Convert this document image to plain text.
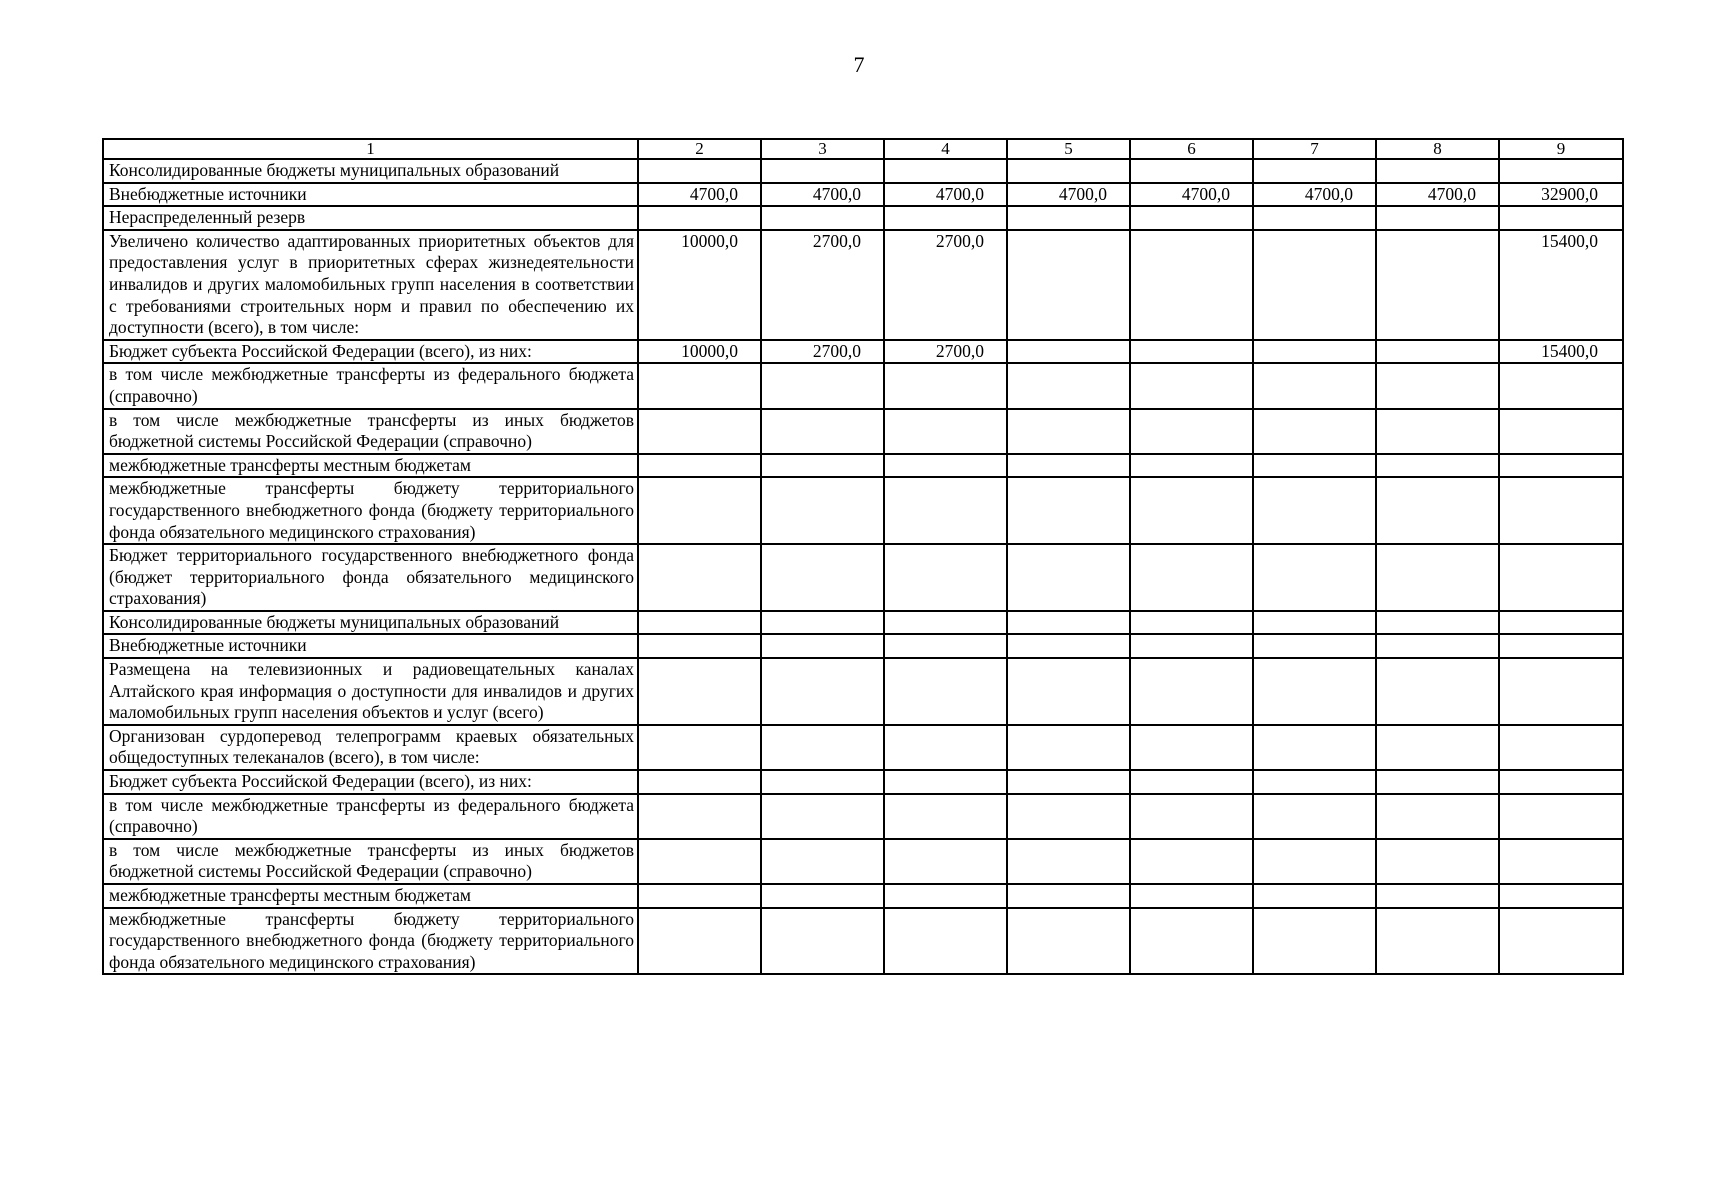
7
1	2	3	4	5	6	7	8	9
Консолидированные бюджеты муниципальных образований								
Внебюджетные источники	4700,0	4700,0	4700,0	4700,0	4700,0	4700,0	4700,0	32900,0
Нераспределенный резерв								
Увеличено количество адаптированных приоритетных объектов для предоставления услуг в приоритетных сферах жизнедеятельности инвалидов и других маломобильных групп населения в соответствии с требованиями строительных норм и правил по обеспечению их доступности (всего), в том числе:	10000,0	2700,0	2700,0					15400,0
Бюджет субъекта Российской Федерации (всего), из них:	10000,0	2700,0	2700,0					15400,0
в том числе межбюджетные трансферты из федерального бюджета (справочно)								
в том числе межбюджетные трансферты из иных бюджетов бюджетной системы Российской Федерации (справочно)								
межбюджетные трансферты местным бюджетам								
межбюджетные трансферты бюджету территориального государственного внебюджетного фонда (бюджету территориального фонда обязательного медицинского страхования)								
Бюджет территориального государственного внебюджетного фонда (бюджет территориального фонда обязательного медицинского страхования)								
Консолидированные бюджеты муниципальных образований								
Внебюджетные источники								
Размещена на телевизионных и радиовещательных каналах Алтайского края информация о доступности для инвалидов и других маломобильных групп населения объектов и услуг (всего)								
Организован сурдоперевод телепрограмм краевых обязательных общедоступных телеканалов (всего), в том числе:								
Бюджет субъекта Российской Федерации (всего), из них:								
в том числе межбюджетные трансферты из федерального бюджета (справочно)								
в том числе межбюджетные трансферты из иных бюджетов бюджетной системы Российской Федерации (справочно)								
межбюджетные трансферты местным бюджетам								
межбюджетные трансферты бюджету территориального государственного внебюджетного фонда (бюджету территориального фонда обязательного медицинского страхования)								
